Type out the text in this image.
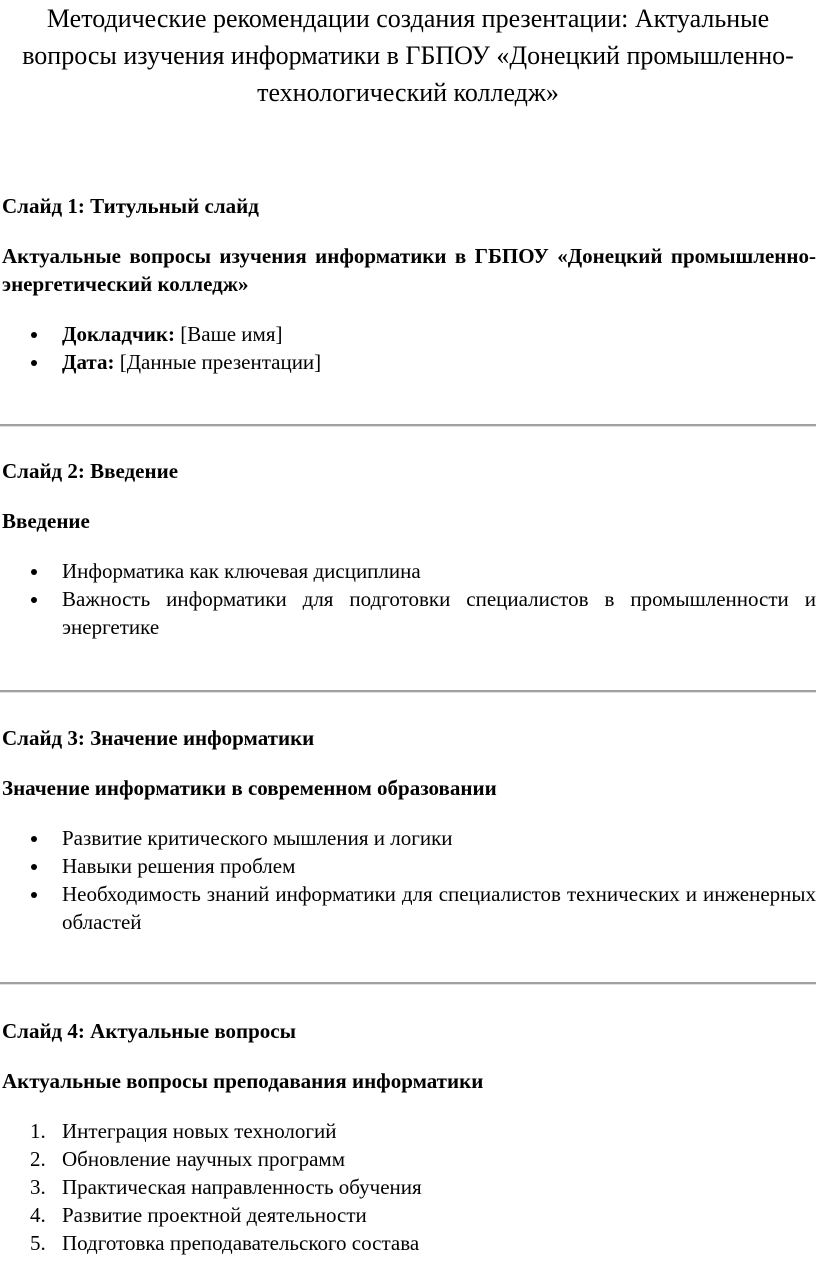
Методические рекомендации создания презентации: Актуальные вопросы изучения информатики в ГБПОУ «Донецкий промышленно-технологический колледж»

Слайд 1: Титульный слайд

Актуальные вопросы изучения информатики в ГБПОУ «Донецкий промышленно-энергетический колледж»

Докладчик: [Ваше имя]
Дата: [Данные презентации]

Слайд 2: Введение

Введение

Информатика как ключевая дисциплина
Важность информатики для подготовки специалистов в промышленности и энергетике

Слайд 3: Значение информатики

Значение информатики в современном образовании

Развитие критического мышления и логики
Навыки решения проблем
Необходимость знаний информатики для специалистов технических и инженерных областей

Слайд 4: Актуальные вопросы

Актуальные вопросы преподавания информатики

1. Интеграция новых технологий
2. Обновление научных программ
3. Практическая направленность обучения
4. Развитие проектной деятельности
5. Подготовка преподавательского состава
